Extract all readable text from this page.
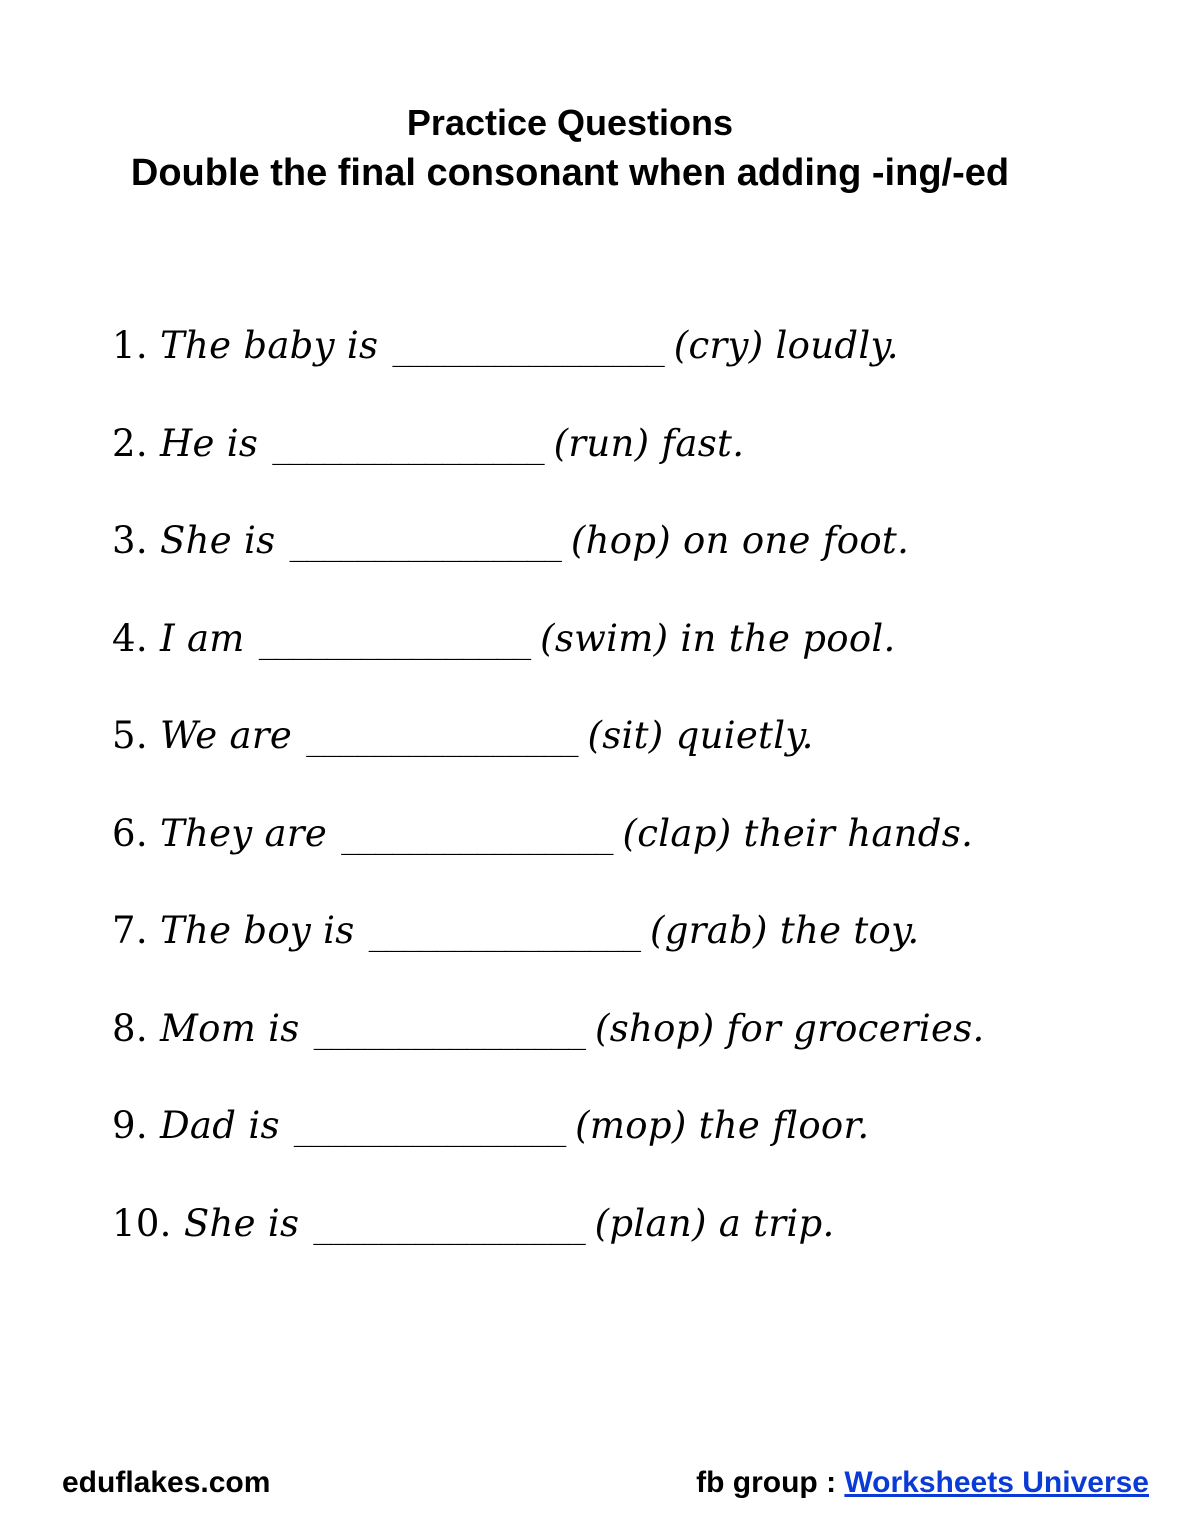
Practice Questions
Double the final consonant when adding -ing/-ed
1. The baby is ________________ (cry) loudly.
2. He is ________________ (run) fast.
3. She is ________________ (hop) on one foot.
4. I am ________________ (swim) in the pool.
5. We are ________________ (sit) quietly.
6. They are ________________ (clap) their hands.
7. The boy is ________________ (grab) the toy.
8. Mom is ________________ (shop) for groceries.
9. Dad is ________________ (mop) the floor.
10. She is ________________ (plan) a trip.
eduflakes.com	fb group : Worksheets Universe
